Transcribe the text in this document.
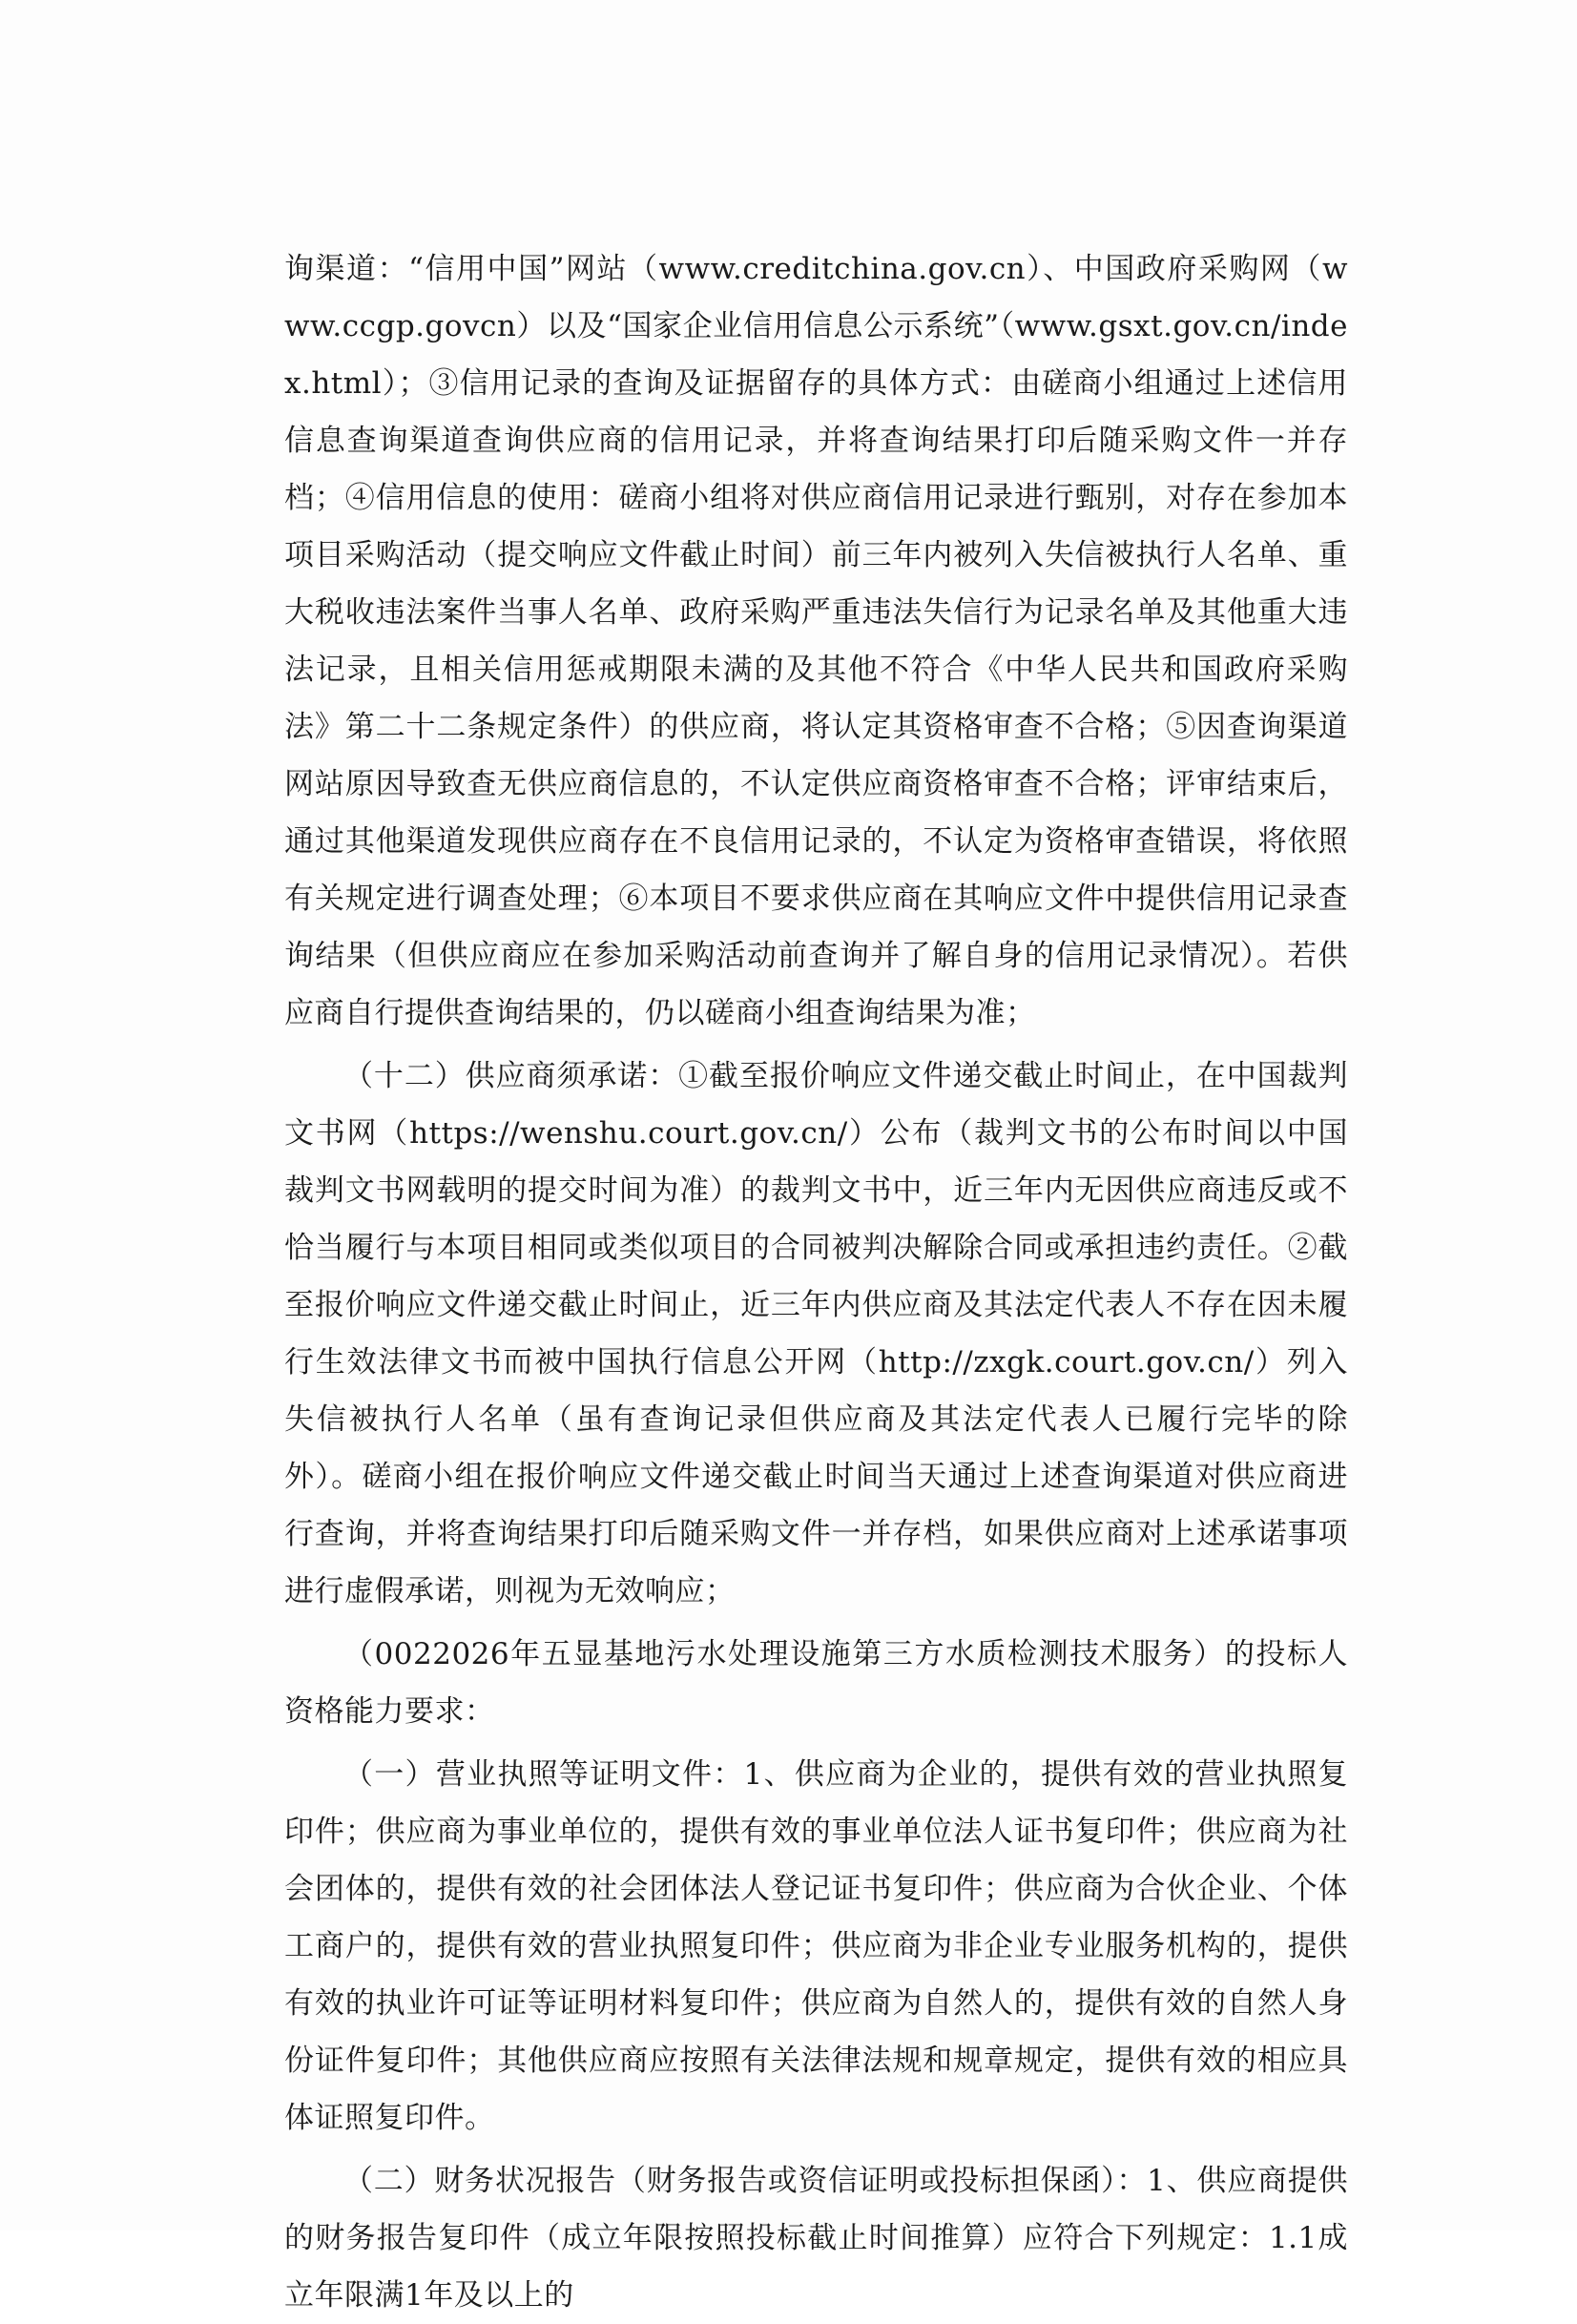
询渠道：“信用中国”网站（www.creditchina.gov.cn）、中国政府采购网（www.ccgp.govcn）以及“国家企业信用信息公示系统”（www.gsxt.gov.cn/index.html）；③信用记录的查询及证据留存的具体方式：由磋商小组通过上述信用信息查询渠道查询供应商的信用记录，并将查询结果打印后随采购文件一并存档；④信用信息的使用：磋商小组将对供应商信用记录进行甄别，对存在参加本项目采购活动（提交响应文件截止时间）前三年内被列入失信被执行人名单、重大税收违法案件当事人名单、政府采购严重违法失信行为记录名单及其他重大违法记录，且相关信用惩戒期限未满的及其他不符合《中华人民共和国政府采购法》第二十二条规定条件）的供应商，将认定其资格审查不合格；⑤因查询渠道网站原因导致查无供应商信息的，不认定供应商资格审查不合格；评审结束后，通过其他渠道发现供应商存在不良信用记录的，不认定为资格审查错误，将依照有关规定进行调查处理；⑥本项目不要求供应商在其响应文件中提供信用记录查询结果（但供应商应在参加采购活动前查询并了解自身的信用记录情况）。若供应商自行提供查询结果的，仍以磋商小组查询结果为准；

（十二）供应商须承诺：①截至报价响应文件递交截止时间止，在中国裁判文书网（https://wenshu.court.gov.cn/）公布（裁判文书的公布时间以中国裁判文书网载明的提交时间为准）的裁判文书中，近三年内无因供应商违反或不恰当履行与本项目相同或类似项目的合同被判决解除合同或承担违约责任。②截至报价响应文件递交截止时间止，近三年内供应商及其法定代表人不存在因未履行生效法律文书而被中国执行信息公开网（http://zxgk.court.gov.cn/）列入失信被执行人名单（虽有查询记录但供应商及其法定代表人已履行完毕的除外）。磋商小组在报价响应文件递交截止时间当天通过上述查询渠道对供应商进行查询，并将查询结果打印后随采购文件一并存档，如果供应商对上述承诺事项进行虚假承诺，则视为无效响应；

（0022026年五显基地污水处理设施第三方水质检测技术服务）的投标人资格能力要求：

（一）营业执照等证明文件：1、供应商为企业的，提供有效的营业执照复印件；供应商为事业单位的，提供有效的事业单位法人证书复印件；供应商为社会团体的，提供有效的社会团体法人登记证书复印件；供应商为合伙企业、个体工商户的，提供有效的营业执照复印件；供应商为非企业专业服务机构的，提供有效的执业许可证等证明材料复印件；供应商为自然人的，提供有效的自然人身份证件复印件；其他供应商应按照有关法律法规和规章规定，提供有效的相应具体证照复印件。

（二）财务状况报告（财务报告或资信证明或投标担保函）：1、供应商提供的财务报告复印件（成立年限按照投标截止时间推算）应符合下列规定：1.1成立年限满1年及以上的
